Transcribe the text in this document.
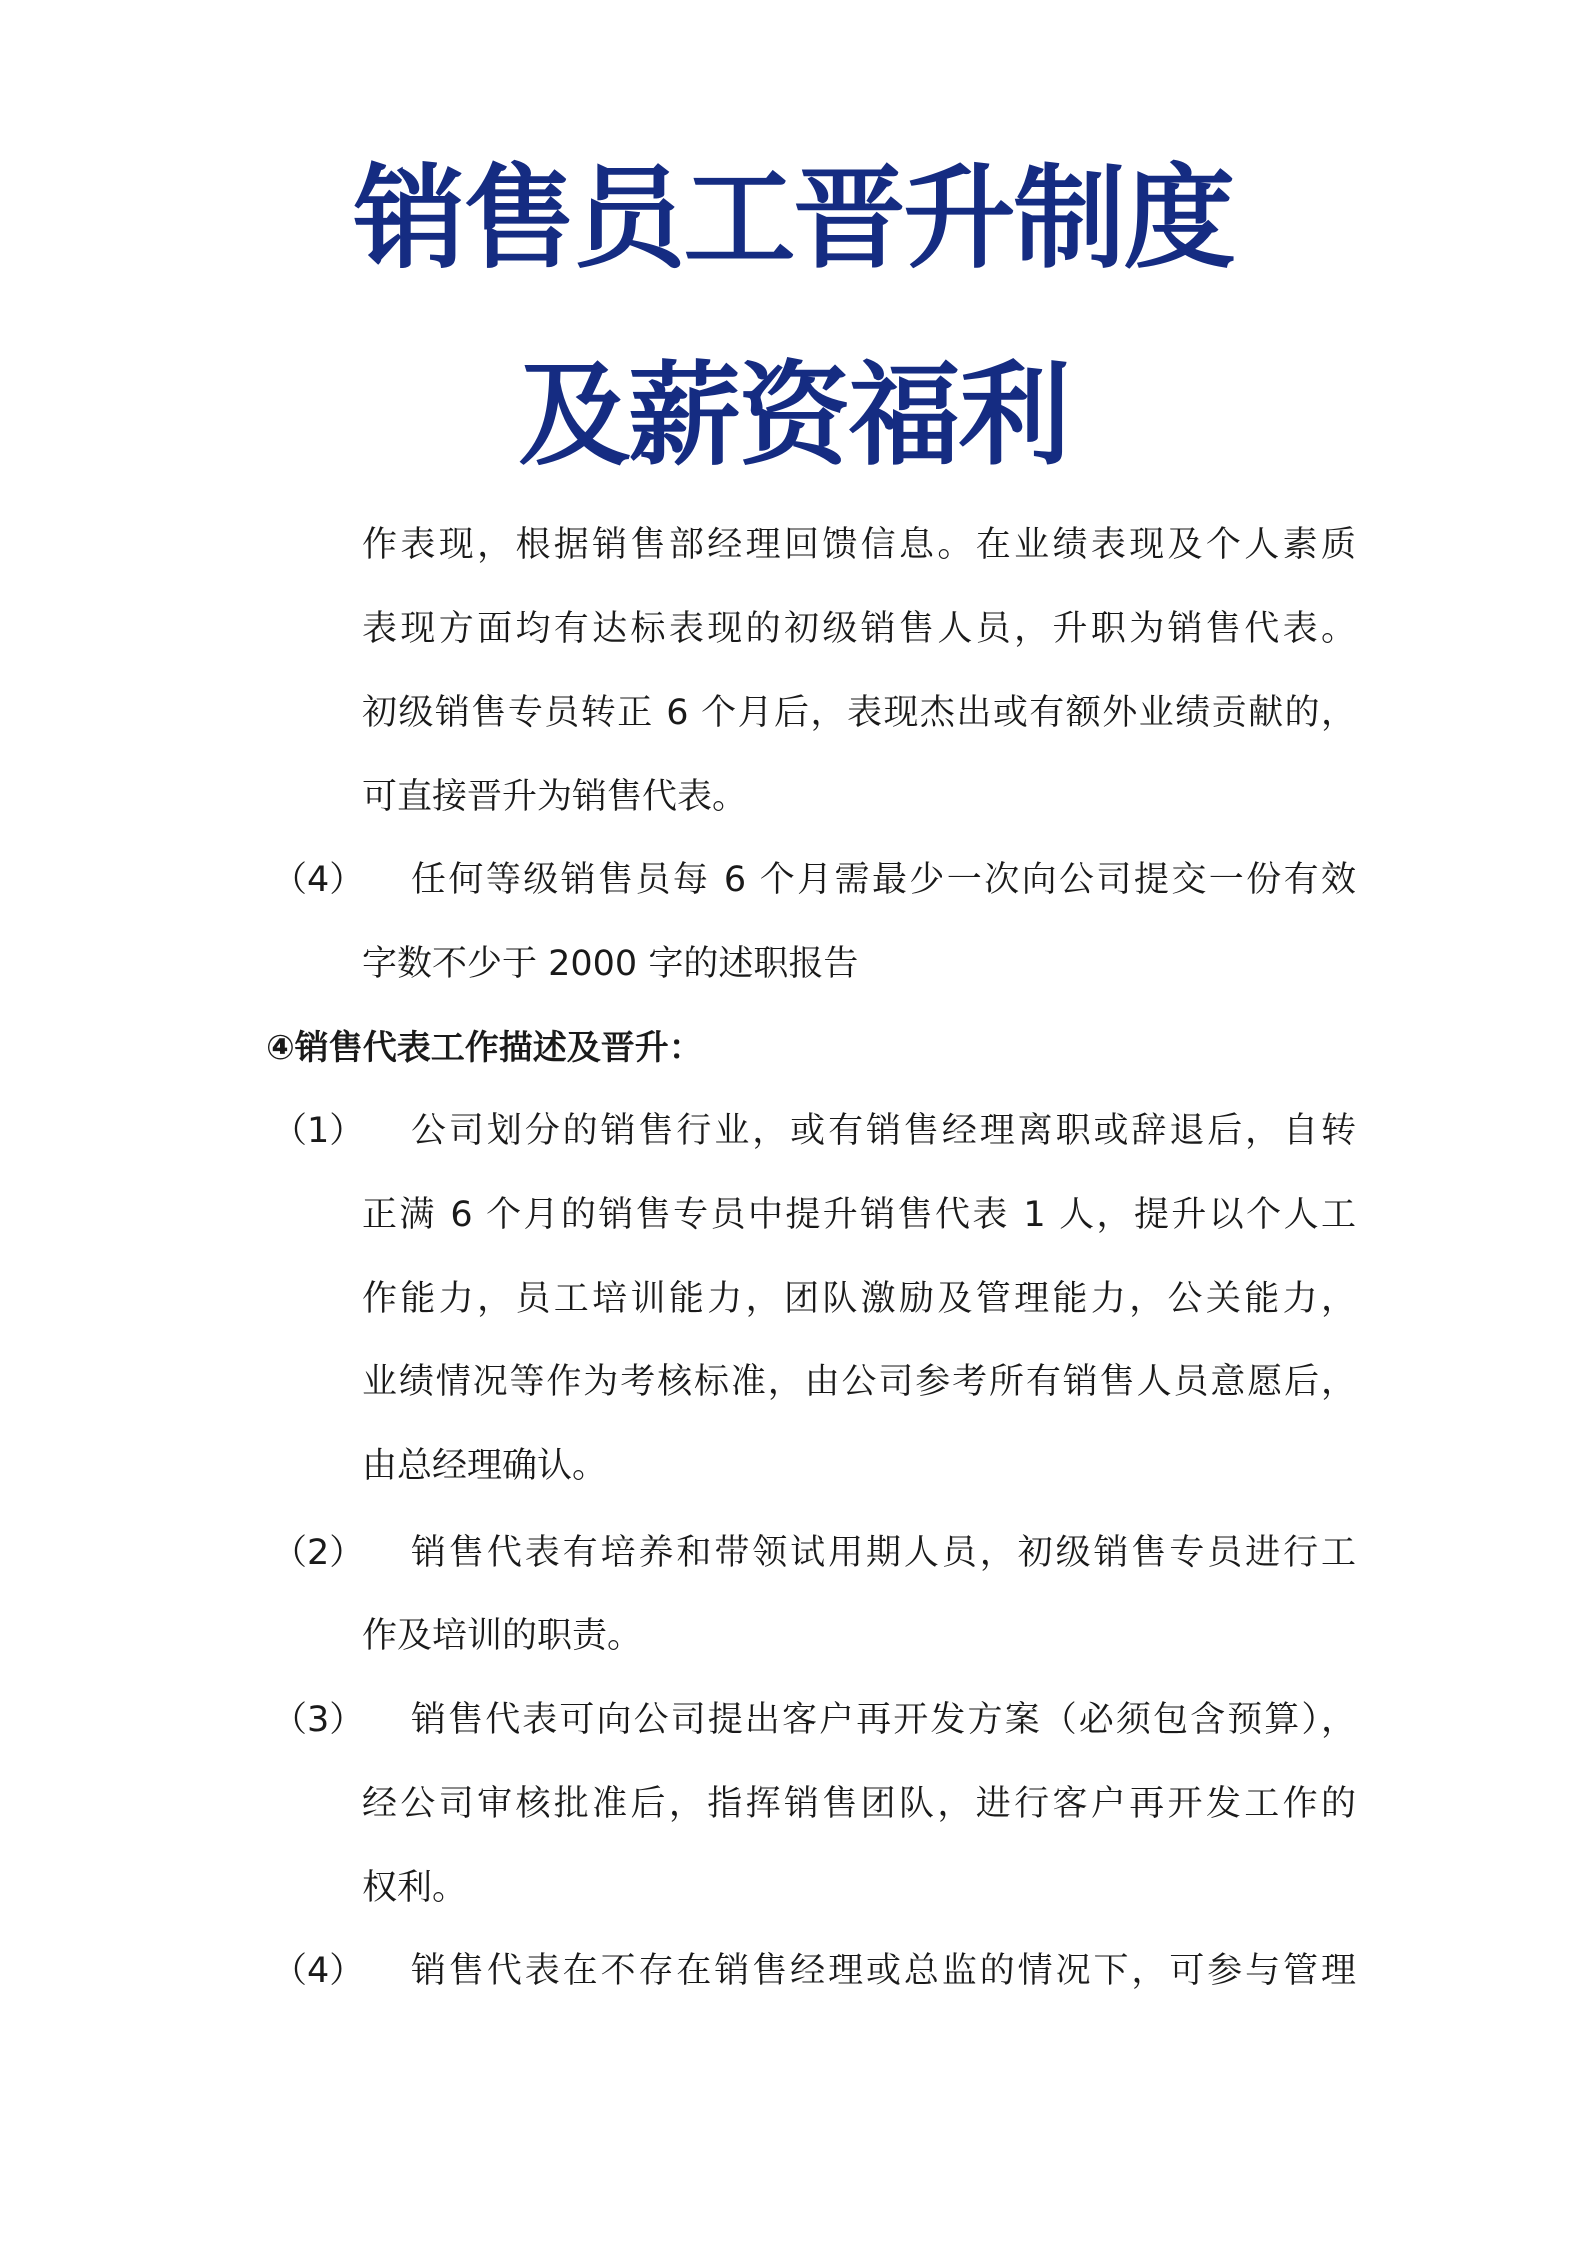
销售员工晋升制度
及薪资福利
作表现，根据销售部经理回馈信息。在业绩表现及个人素质
表现方面均有达标表现的初级销售人员，升职为销售代表。
初级销售专员转正 6 个月后，表现杰出或有额外业绩贡献的，
可直接晋升为销售代表。
（4） 任何等级销售员每 6 个月需最少一次向公司提交一份有效
字数不少于 2000 字的述职报告
④销售代表工作描述及晋升：
（1） 公司划分的销售行业，或有销售经理离职或辞退后，自转
正满 6 个月的销售专员中提升销售代表 1 人，提升以个人工
作能力，员工培训能力，团队激励及管理能力，公关能力，
业绩情况等作为考核标准，由公司参考所有销售人员意愿后，
由总经理确认。
（2） 销售代表有培养和带领试用期人员，初级销售专员进行工
作及培训的职责。
（3） 销售代表可向公司提出客户再开发方案（必须包含预算），
经公司审核批准后，指挥销售团队，进行客户再开发工作的
权利。
（4） 销售代表在不存在销售经理或总监的情况下，可参与管理
